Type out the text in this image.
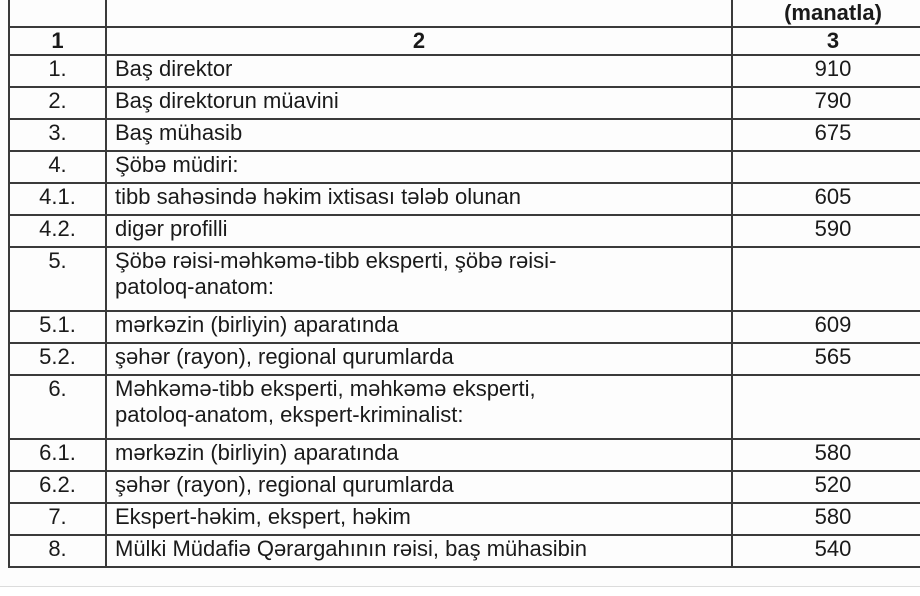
		(manatla)

1	2	3
1.	Baş direktor	910
2.	Baş direktorun müavini	790
3.	Baş mühasib	675
4.	Şöbə müdiri:	
4.1.	tibb sahəsində həkim ixtisası tələb olunan	605
4.2.	digər profilli	590
5.	Şöbə rəisi-məhkəmə-tibb eksperti, şöbə rəisi-
patoloq-anatom:	

5.1.	mərkəzin (birliyin) aparatında	609
5.2.	şəhər (rayon), regional qurumlarda	565
6.	Məhkəmə-tibb eksperti, məhkəmə eksperti,
patoloq-anatom, ekspert-kriminalist:	

6.1.	mərkəzin (birliyin) aparatında	580
6.2.	şəhər (rayon), regional qurumlarda	520
7.	Ekspert-həkim, ekspert, həkim	580
8.	Mülki Müdafiə Qərargahının rəisi, baş mühasibin	540
